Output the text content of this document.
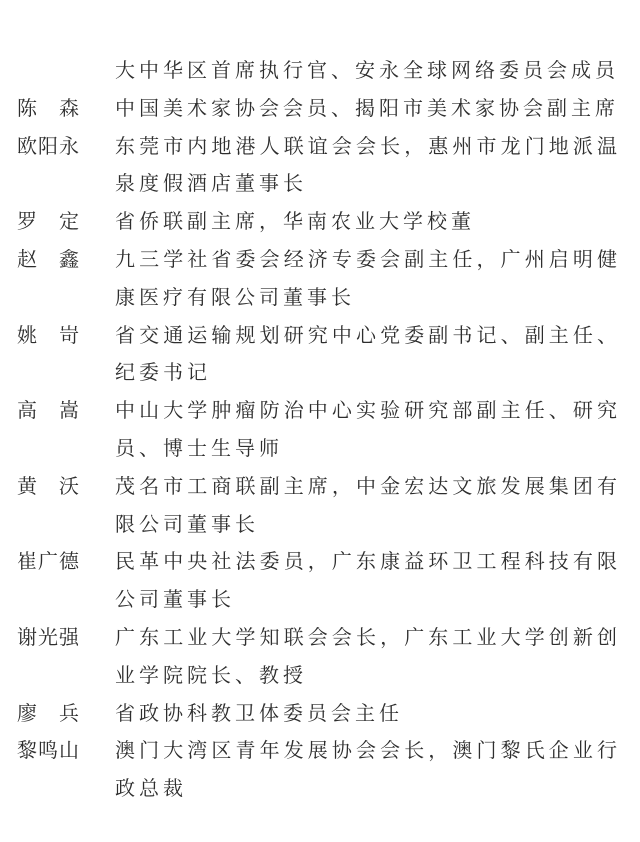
大中华区首席执行官、安永全球网络委员会成员
陈　森	中国美术家协会会员、揭阳市美术家协会副主席
欧阳永	东莞市内地港人联谊会会长，惠州市龙门地派温泉度假酒店董事长
罗　定	省侨联副主席，华南农业大学校董
赵　鑫	九三学社省委会经济专委会副主任，广州启明健康医疗有限公司董事长
姚　岢	省交通运输规划研究中心党委副书记、副主任、纪委书记
高　嵩	中山大学肿瘤防治中心实验研究部副主任、研究员、博士生导师
黄　沃	茂名市工商联副主席，中金宏达文旅发展集团有限公司董事长
崔广德	民革中央社法委员，广东康益环卫工程科技有限公司董事长
谢光强	广东工业大学知联会会长，广东工业大学创新创业学院院长、教授
廖　兵	省政协科教卫体委员会主任
黎鸣山	澳门大湾区青年发展协会会长，澳门黎氏企业行政总裁
